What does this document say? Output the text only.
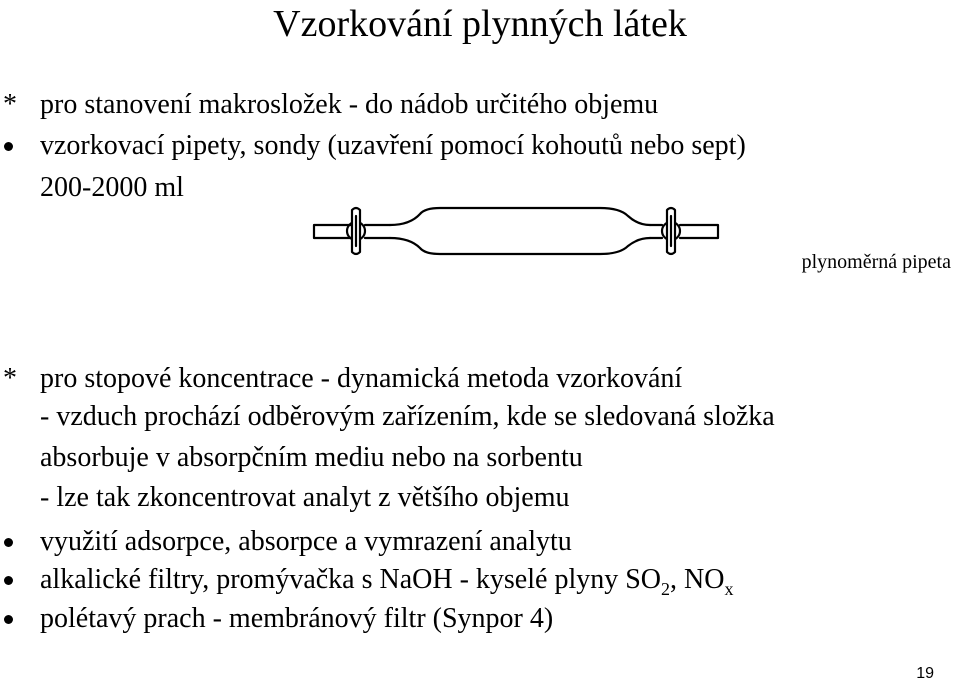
Vzorkování plynných látek
* pro stanovení makrosložek - do nádob určitého objemu
vzorkovací pipety, sondy (uzavření pomocí kohoutů nebo sept)
200-2000 ml
plynoměrná pipeta
* pro stopové koncentrace - dynamická metoda vzorkování
- vzduch prochází odběrovým zařízením, kde se sledovaná složka
absorbuje v absorpčním mediu nebo na sorbentu
- lze tak zkoncentrovat analyt z většího objemu
využití adsorpce, absorpce a vymrazení analytu
alkalické filtry, promývačka s NaOH - kyselé plyny $SO_2$, $NO_x$
polétavý prach - membránový filtr (Synpor 4)
19
